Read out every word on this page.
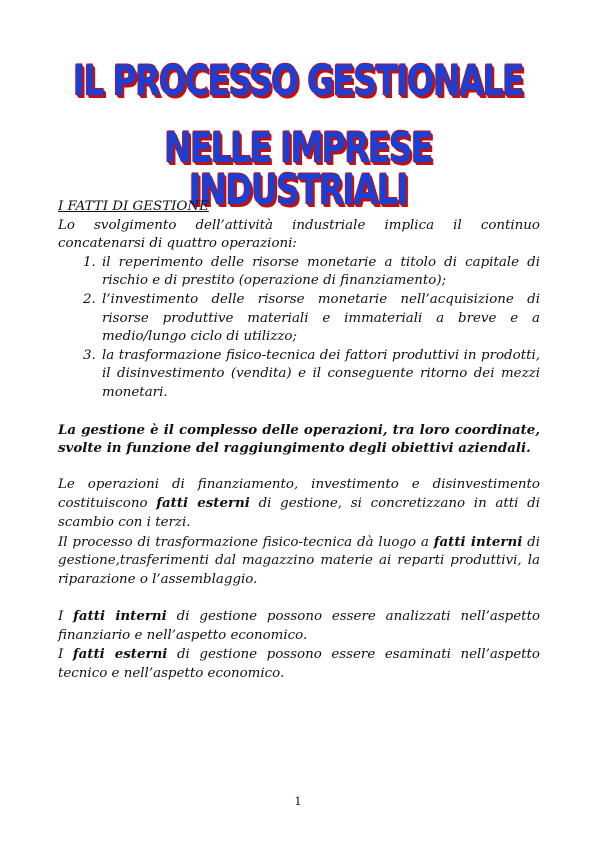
IL PROCESSO GESTIONALE
NELLE IMPRESE INDUSTRIALI

I FATTI DI GESTIONE

Lo svolgimento dell’attività industriale implica il continuo concatenarsi di quattro operazioni:

1. il reperimento delle risorse monetarie a titolo di capitale di rischio e di prestito (operazione di finanziamento);
2. l’investimento delle risorse monetarie nell’acquisizione di risorse produttive materiali e immateriali a breve e a medio/lungo ciclo di utilizzo;
3. la trasformazione fisico-tecnica dei fattori produttivi in prodotti, il disinvestimento (vendita) e il conseguente ritorno dei mezzi monetari.

La gestione è il complesso delle operazioni, tra loro coordinate, svolte in funzione del raggiungimento degli obiettivi aziendali.

Le operazioni di finanziamento, investimento e disinvestimento costituiscono fatti esterni di gestione, si concretizzano in atti di scambio con i terzi.

Il processo di trasformazione fisico-tecnica dà luogo a fatti interni di gestione,trasferimenti dal magazzino materie ai reparti produttivi, la riparazione o l’assemblaggio.

I fatti interni di gestione possono essere analizzati nell’aspetto finanziario e nell’aspetto economico.

I fatti esterni di gestione possono essere esaminati nell’aspetto tecnico e nell’aspetto economico.

1
